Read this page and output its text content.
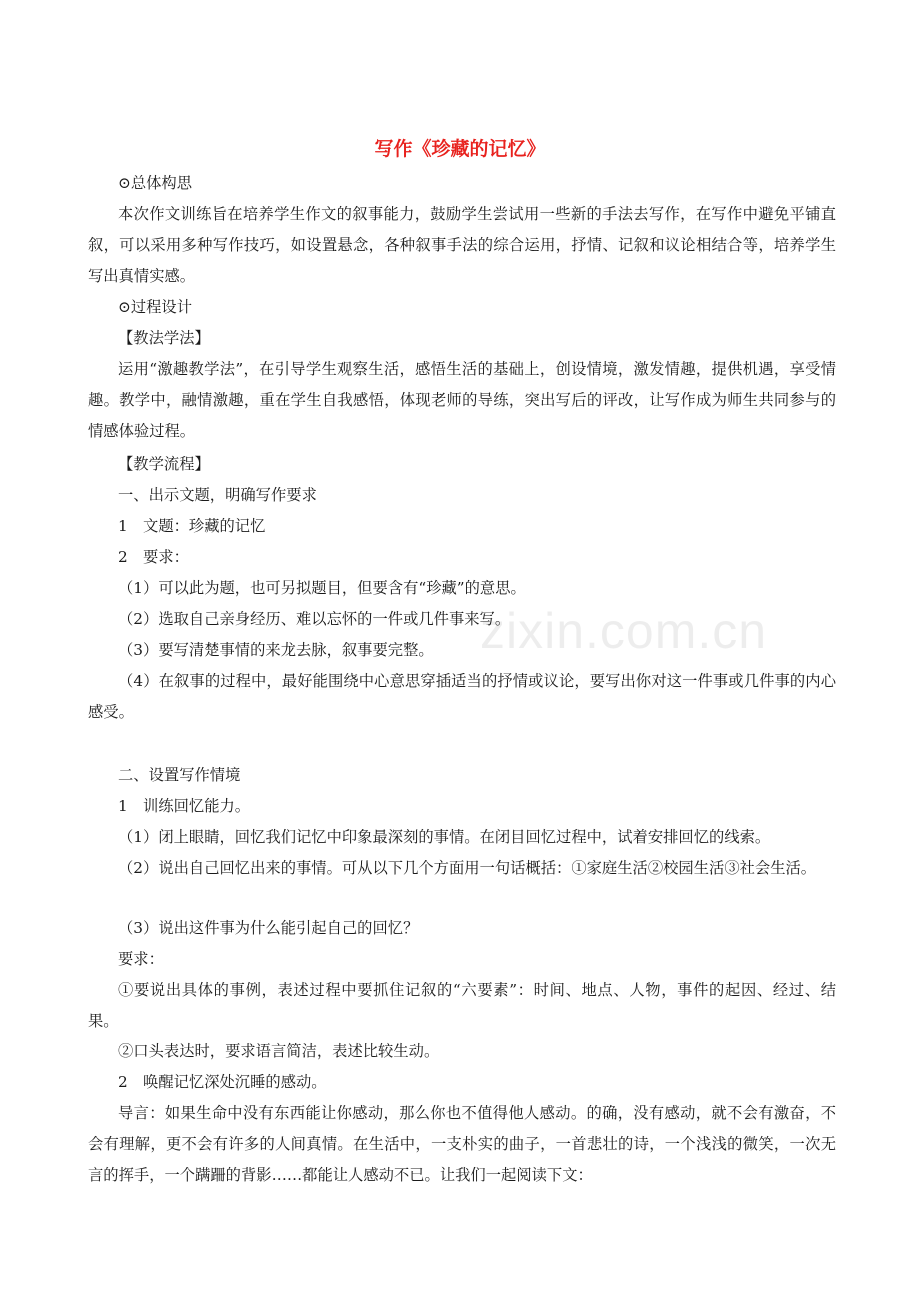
zixin.com.cn
写作《珍藏的记忆》

⊙总体构思

本次作文训练旨在培养学生作文的叙事能力，鼓励学生尝试用一些新的手法去写作，在写作中避免平铺直叙，可以采用多种写作技巧，如设置悬念，各种叙事手法的综合运用，抒情、记叙和议论相结合等，培养学生写出真情实感。

⊙过程设计

【教法学法】

运用“激趣教学法”，在引导学生观察生活，感悟生活的基础上，创设情境，激发情趣，提供机遇，享受情趣。教学中，融情激趣，重在学生自我感悟，体现老师的导练，突出写后的评改，让写作成为师生共同参与的情感体验过程。

【教学流程】

一、出示文题，明确写作要求

1　文题：珍藏的记忆

2　要求：

（1）可以此为题，也可另拟题目，但要含有“珍藏”的意思。

（2）选取自己亲身经历、难以忘怀的一件或几件事来写。

（3）要写清楚事情的来龙去脉，叙事要完整。

（4）在叙事的过程中，最好能围绕中心意思穿插适当的抒情或议论，要写出你对这一件事或几件事的内心感受。

二、设置写作情境

1　训练回忆能力。

（1）闭上眼睛，回忆我们记忆中印象最深刻的事情。在闭目回忆过程中，试着安排回忆的线索。

（2）说出自己回忆出来的事情。可从以下几个方面用一句话概括：①家庭生活②校园生活③社会生活。

（3）说出这件事为什么能引起自己的回忆？

要求：

①要说出具体的事例，表述过程中要抓住记叙的“六要素”：时间、地点、人物，事件的起因、经过、结果。

②口头表达时，要求语言简洁，表述比较生动。

2　唤醒记忆深处沉睡的感动。

导言：如果生命中没有东西能让你感动，那么你也不值得他人感动。的确，没有感动，就不会有激奋，不会有理解，更不会有许多的人间真情。在生活中，一支朴实的曲子，一首悲壮的诗，一个浅浅的微笑，一次无言的挥手，一个蹒跚的背影……都能让人感动不已。让我们一起阅读下文：
